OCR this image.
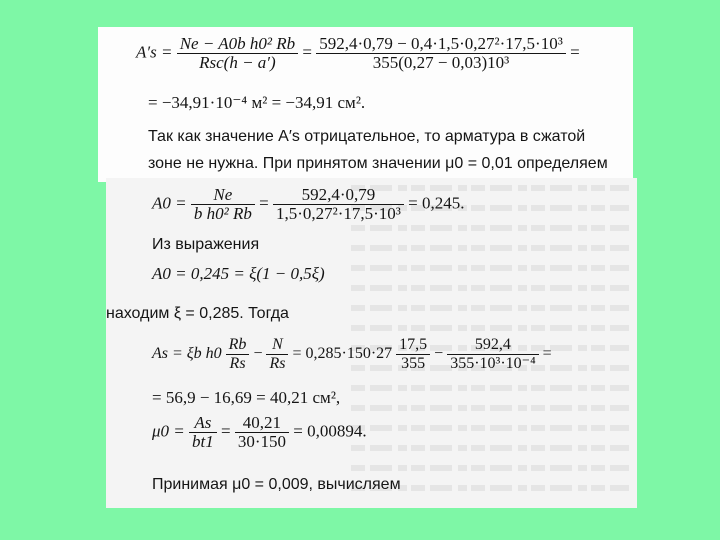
$A's = \frac{\text{Ne − A0b h0² Rb}}{\text{Rsc(h − a′)}} = \frac{\text{592,4·0,79 − 0,4·1,5·0,27²·17,5·10³}}{\text{355(0,27 − 0,03)10³}}$ =
= −34,91·10⁻⁴ м² = −34,91 см².
Так как значение A′s отрицательное, то арматура в сжатой
зоне не нужна. При принятом значении μ0 = 0,01 определяем
$A0 = \frac{Ne}{\text{b h0² Rb}} = \frac{592,4\cdot 0,79}{\text{1,5·0,27²·17,5·10³}} = 0,245$.
Из выражения
A0 = 0,245 = ξ(1 − 0,5ξ)
находим ξ = 0,285. Тогда
As = ξb $h0 \frac{Rb}{Rs} - \frac{N}{Rs} = 0,285\cdot 150\cdot 27 \frac{17,5}{355} - \frac{592,4}{\text{355·10³·10⁻⁴}}$ =
= 56,9 − 16,69 = 40,21 см²,
$\mu 0 = \frac{As}{bt1} = \frac{40,21}{30\cdot 150} = 0,00894$.
Принимая μ0 = 0,009, вычисляем
